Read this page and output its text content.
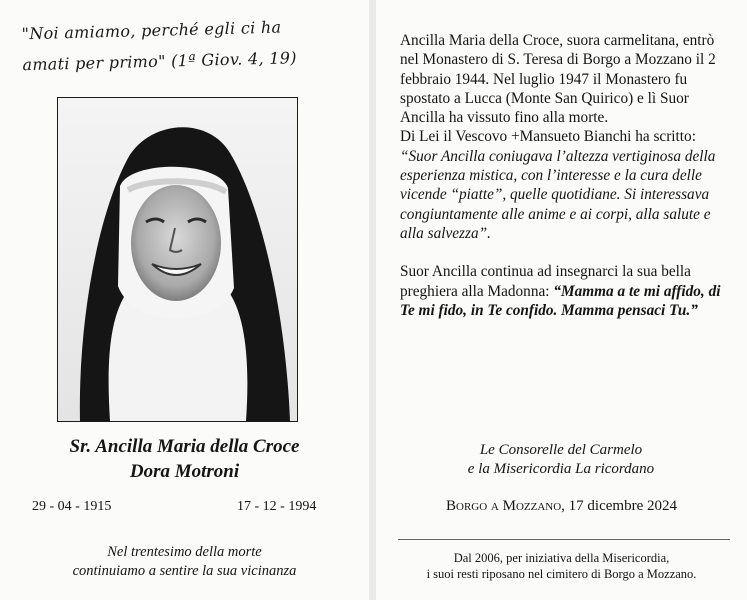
"Noi amiamo, perché egli ci ha
amati per primo" (1ª Giov. 4, 19)
Sr. Ancilla Maria della Croce
Dora Motroni
29 - 04 - 1915	17 - 12 - 1994
Nel trentesimo della morte
continuiamo a sentire la sua vicinanza

Ancilla Maria della Croce, suora carmelitana, entrò nel Monastero di S. Teresa di Borgo a Mozzano il 2 febbraio 1944. Nel luglio 1947 il Monastero fu spostato a Lucca (Monte San Quirico) e lì Suor Ancilla ha vissuto fino alla morte.

Di Lei il Vescovo +Mansueto Bianchi ha scritto:

“Suor Ancilla coniugava l’altezza vertiginosa della esperienza mistica, con l’interesse e la cura delle vicende “piatte”, quelle quotidiane. Si interessava congiuntamente alle anime e ai corpi, alla salute e alla salvezza”.

Suor Ancilla continua ad insegnarci la sua bella preghiera alla Madonna: “Mamma a te mi affido, di Te mi fido, in Te confido. Mamma pensaci Tu.”

Le Consorelle del Carmelo
e la Misericordia La ricordano
Borgo a Mozzano, 17 dicembre 2024
Dal 2006, per iniziativa della Misericordia,
i suoi resti riposano nel cimitero di Borgo a Mozzano.
